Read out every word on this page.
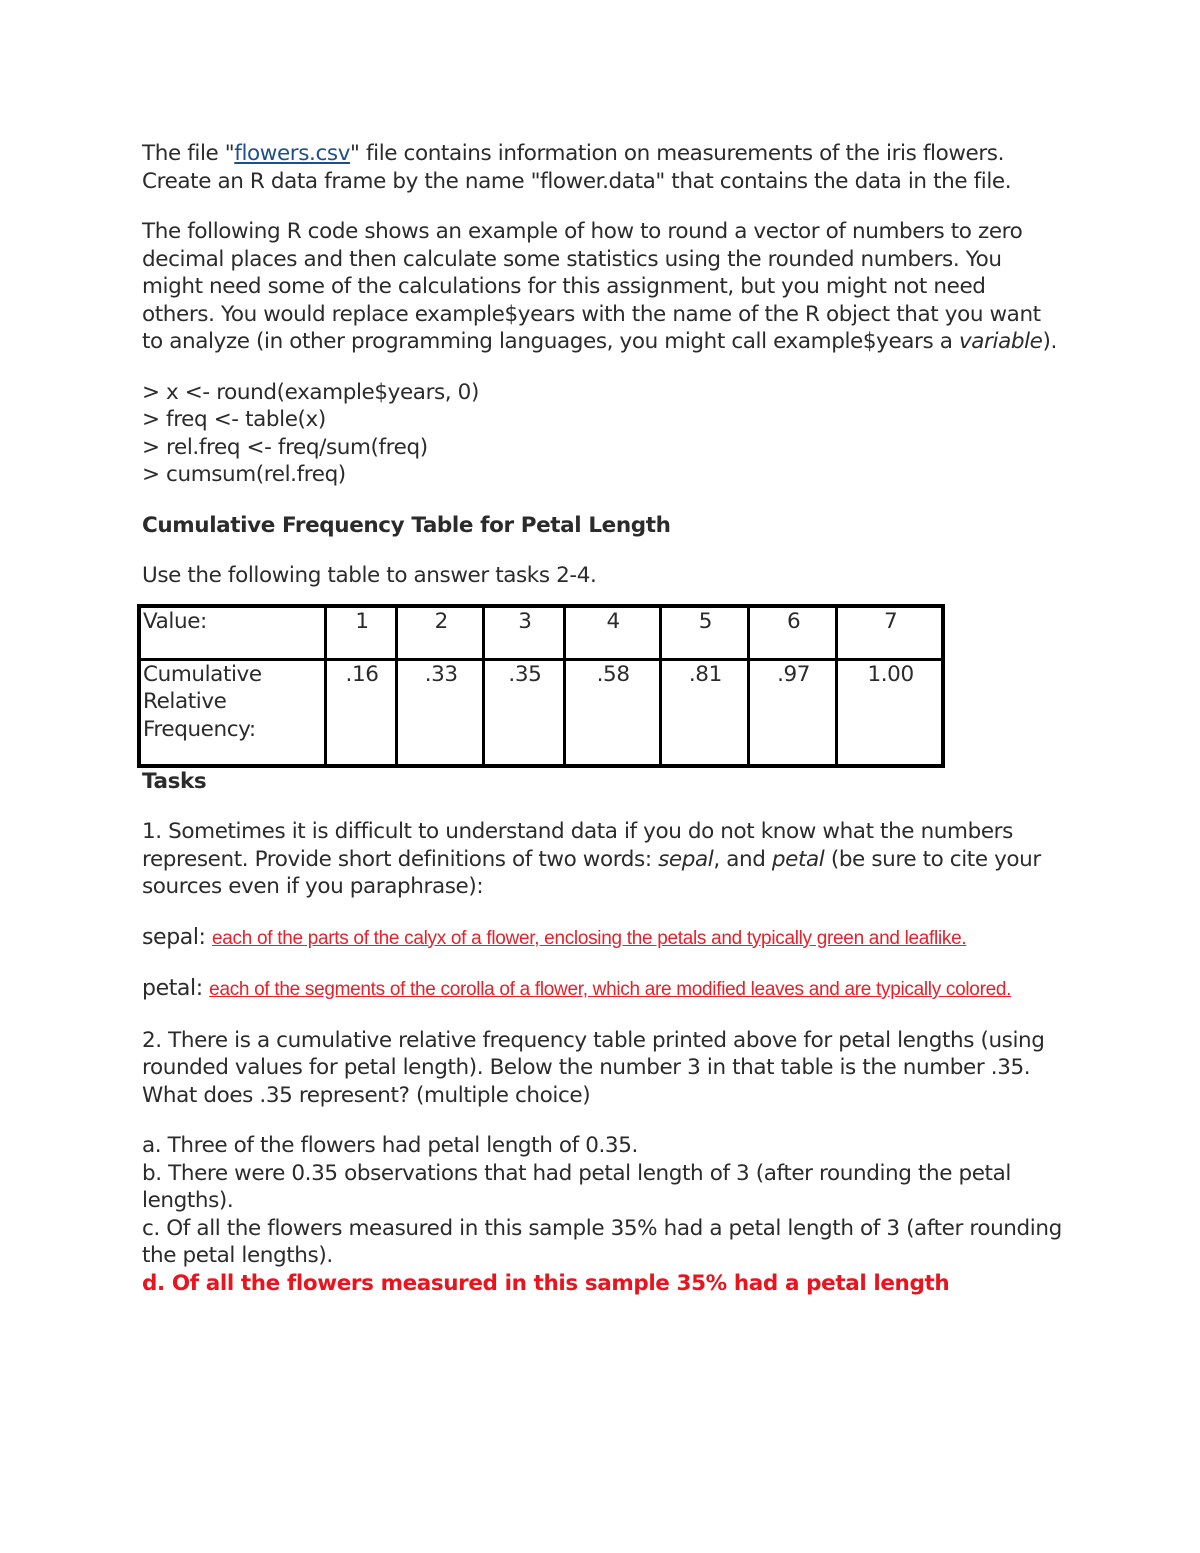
The file "flowers.csv" file contains information on measurements of the iris flowers. Create an R data frame by the name "flower.data" that contains the data in the file.

The following R code shows an example of how to round a vector of numbers to zero decimal places and then calculate some statistics using the rounded numbers. You might need some of the calculations for this assignment, but you might not need others. You would replace example$years with the name of the R object that you want to analyze (in other programming languages, you might call example$years a variable).

> x <- round(example$years, 0)
> freq <- table(x)
> rel.freq <- freq/sum(freq)
> cumsum(rel.freq)

Cumulative Frequency Table for Petal Length

Use the following table to answer tasks 2-4.

Value:	1	2	3	4	5	6	7
Cumulative Relative Frequency:	.16	.33	.35	.58	.81	.97	1.00

Tasks

1. Sometimes it is difficult to understand data if you do not know what the numbers represent. Provide short definitions of two words: sepal, and petal (be sure to cite your sources even if you paraphrase):

sepal: each of the parts of the calyx of a flower, enclosing the petals and typically green and leaflike.

petal: each of the segments of the corolla of a flower, which are modified leaves and are typically colored.

2. There is a cumulative relative frequency table printed above for petal lengths (using rounded values for petal length). Below the number 3 in that table is the number .35. What does .35 represent? (multiple choice)

a. Three of the flowers had petal length of 0.35.
b. There were 0.35 observations that had petal length of 3 (after rounding the petal lengths).
c. Of all the flowers measured in this sample 35% had a petal length of 3 (after rounding the petal lengths).
d. Of all the flowers measured in this sample 35% had a petal length
